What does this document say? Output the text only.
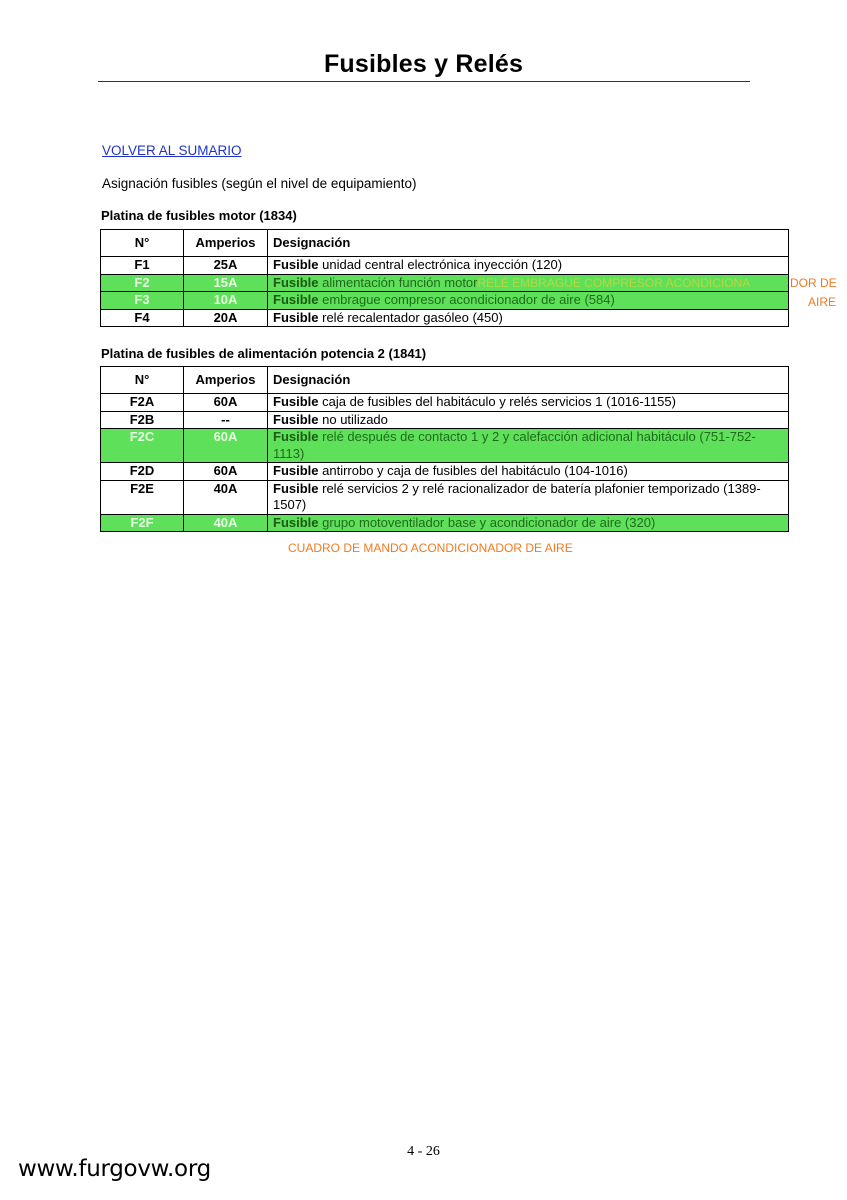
Fusibles y Relés
VOLVER AL SUMARIO
Asignación fusibles (según el nivel de equipamiento)
Platina de fusibles motor (1834)
N°	Amperios	Designación
F1	25A	Fusible unidad central electrónica inyección (120)
F2	15A	Fusible alimentación función motorRELÉ EMBRAGUE COMPRESOR ACONDICIONA
F3	10A	Fusible embrague compresor acondicionador de aire (584)
F4	20A	Fusible relé recalentador gasóleo (450)
DOR DE
AIRE
Platina de fusibles de alimentación potencia 2 (1841)
N°	Amperios	Designación
F2A	60A	Fusible caja de fusibles del habitáculo y relés servicios 1 (1016-1155)
F2B	--	Fusible no utilizado
F2C	60A	Fusible relé después de contacto 1 y 2 y calefacción adicional habitáculo (751-752-1113)
F2D	60A	Fusible antirrobo y caja de fusibles del habitáculo (104-1016)
F2E	40A	Fusible relé servicios 2 y relé racionalizador de batería plafonier temporizado (1389-1507)
F2F	40A	Fusible grupo motoventilador base y acondicionador de aire (320)
CUADRO DE MANDO ACONDICIONADOR DE AIRE
4 - 26
www.furgovw.org
